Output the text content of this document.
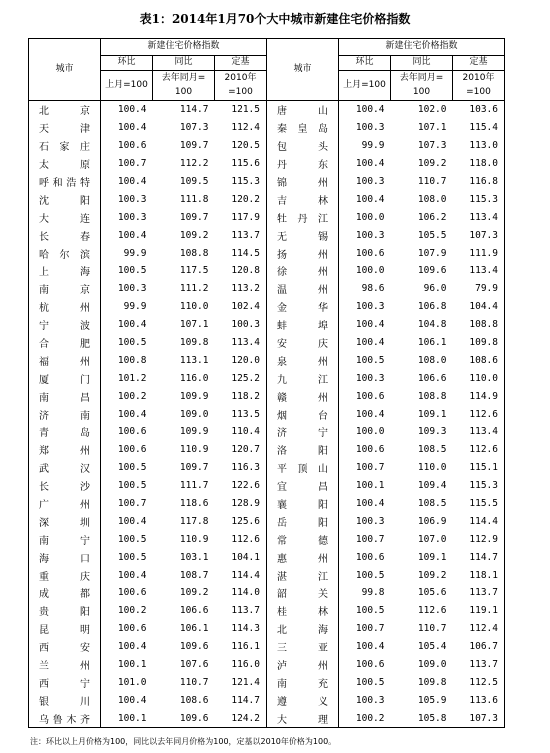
表1：2014年1月70个大中城市新建住宅价格指数
城市	新建住宅价格指数			城市	新建住宅价格指数		
	环比	同比	定基		环比	同比	定基
	上月=100	去年同月=	2010年		上月=100	去年同月=	2010年
		100	=100			100	=100
北京	100.4	114.7	121.5	唐山	100.4	102.0	103.6
天津	100.4	107.3	112.4	秦皇岛	100.3	107.1	115.4
石家庄	100.6	109.7	120.5	包头	99.9	107.3	113.0
太原	100.7	112.2	115.6	丹东	100.4	109.2	118.0
呼和浩特	100.4	109.5	115.3	锦州	100.3	110.7	116.8
沈阳	100.3	111.8	120.2	吉林	100.4	108.0	115.3
大连	100.3	109.7	117.9	牡丹江	100.0	106.2	113.4
长春	100.4	109.2	113.7	无锡	100.3	105.5	107.3
哈尔滨	99.9	108.8	114.5	扬州	100.6	107.9	111.9
上海	100.5	117.5	120.8	徐州	100.0	109.6	113.4
南京	100.3	111.2	113.2	温州	98.6	96.0	79.9
杭州	99.9	110.0	102.4	金华	100.3	106.8	104.4
宁波	100.4	107.1	100.3	蚌埠	100.4	104.8	108.8
合肥	100.5	109.8	113.4	安庆	100.4	106.1	109.8
福州	100.8	113.1	120.0	泉州	100.5	108.0	108.6
厦门	101.2	116.0	125.2	九江	100.3	106.6	110.0
南昌	100.2	109.9	118.2	赣州	100.6	108.8	114.9
济南	100.4	109.0	113.5	烟台	100.4	109.1	112.6
青岛	100.6	109.9	110.4	济宁	100.0	109.3	113.4
郑州	100.6	110.9	120.7	洛阳	100.6	108.5	112.6
武汉	100.5	109.7	116.3	平顶山	100.7	110.0	115.1
长沙	100.5	111.7	122.6	宜昌	100.1	109.4	115.3
广州	100.7	118.6	128.9	襄阳	100.4	108.5	115.5
深圳	100.4	117.8	125.6	岳阳	100.3	106.9	114.4
南宁	100.5	110.9	112.6	常德	100.7	107.0	112.9
海口	100.5	103.1	104.1	惠州	100.6	109.1	114.7
重庆	100.4	108.7	114.4	湛江	100.5	109.2	118.1
成都	100.6	109.2	114.0	韶关	99.8	105.6	113.7
贵阳	100.2	106.6	113.7	桂林	100.5	112.6	119.1
昆明	100.6	106.1	114.3	北海	100.7	110.7	112.4
西安	100.4	109.6	116.1	三亚	100.4	105.4	106.7
兰州	100.1	107.6	116.0	泸州	100.6	109.0	113.7
西宁	101.0	110.7	121.4	南充	100.5	109.8	112.5
银川	100.4	108.6	114.7	遵义	100.3	105.9	113.6
乌鲁木齐	100.1	109.6	124.2	大理	100.2	105.8	107.3
注：环比以上月价格为100，同比以去年同月价格为100，定基以2010年价格为100。
